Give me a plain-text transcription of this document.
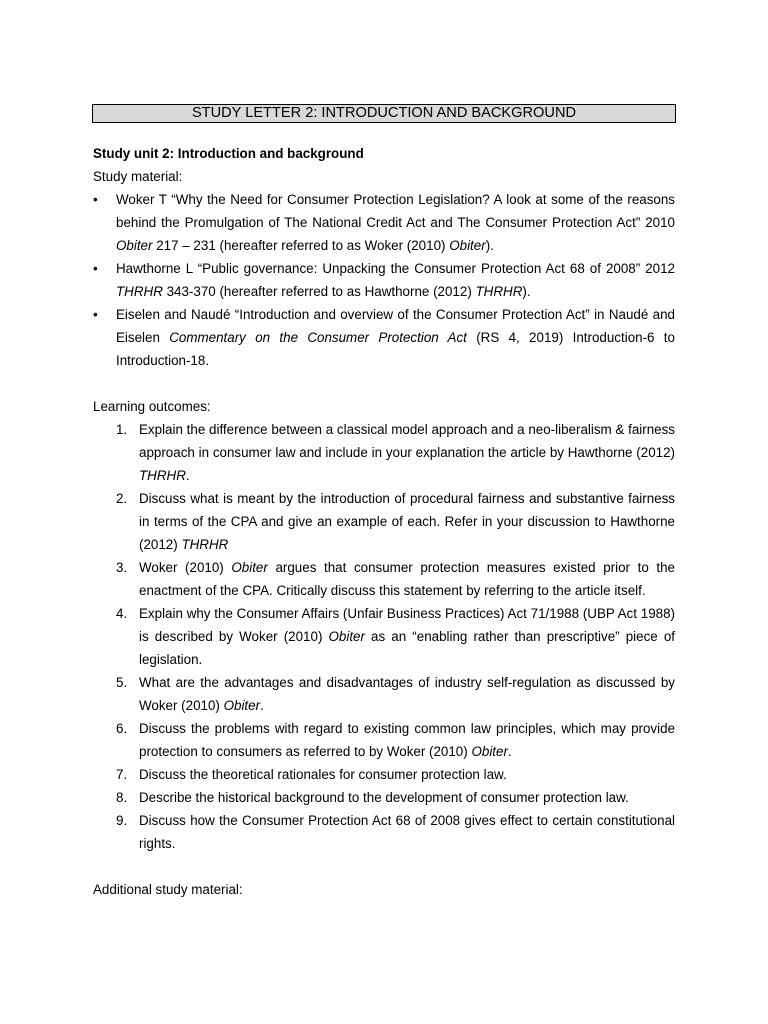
STUDY LETTER 2: INTRODUCTION AND BACKGROUND
Study unit 2: Introduction and background
Study material:
• Woker T “Why the Need for Consumer Protection Legislation? A look at some of the reasons behind the Promulgation of The National Credit Act and The Consumer Protection Act” 2010 Obiter 217 – 231 (hereafter referred to as Woker (2010) Obiter).
• Hawthorne L “Public governance: Unpacking the Consumer Protection Act 68 of 2008” 2012 THRHR 343-370 (hereafter referred to as Hawthorne (2012) THRHR).
• Eiselen and Naudé “Introduction and overview of the Consumer Protection Act” in Naudé and Eiselen Commentary on the Consumer Protection Act (RS 4, 2019) Introduction-6 to Introduction-18.
Learning outcomes:
1. Explain the difference between a classical model approach and a neo-liberalism & fairness approach in consumer law and include in your explanation the article by Hawthorne (2012) THRHR.
2. Discuss what is meant by the introduction of procedural fairness and substantive fairness in terms of the CPA and give an example of each. Refer in your discussion to Hawthorne (2012) THRHR
3. Woker (2010) Obiter argues that consumer protection measures existed prior to the enactment of the CPA. Critically discuss this statement by referring to the article itself.
4. Explain why the Consumer Affairs (Unfair Business Practices) Act 71/1988 (UBP Act 1988) is described by Woker (2010) Obiter as an “enabling rather than prescriptive” piece of legislation.
5. What are the advantages and disadvantages of industry self-regulation as discussed by Woker (2010) Obiter.
6. Discuss the problems with regard to existing common law principles, which may provide protection to consumers as referred to by Woker (2010) Obiter.
7. Discuss the theoretical rationales for consumer protection law.
8. Describe the historical background to the development of consumer protection law.
9. Discuss how the Consumer Protection Act 68 of 2008 gives effect to certain constitutional rights.
Additional study material:
